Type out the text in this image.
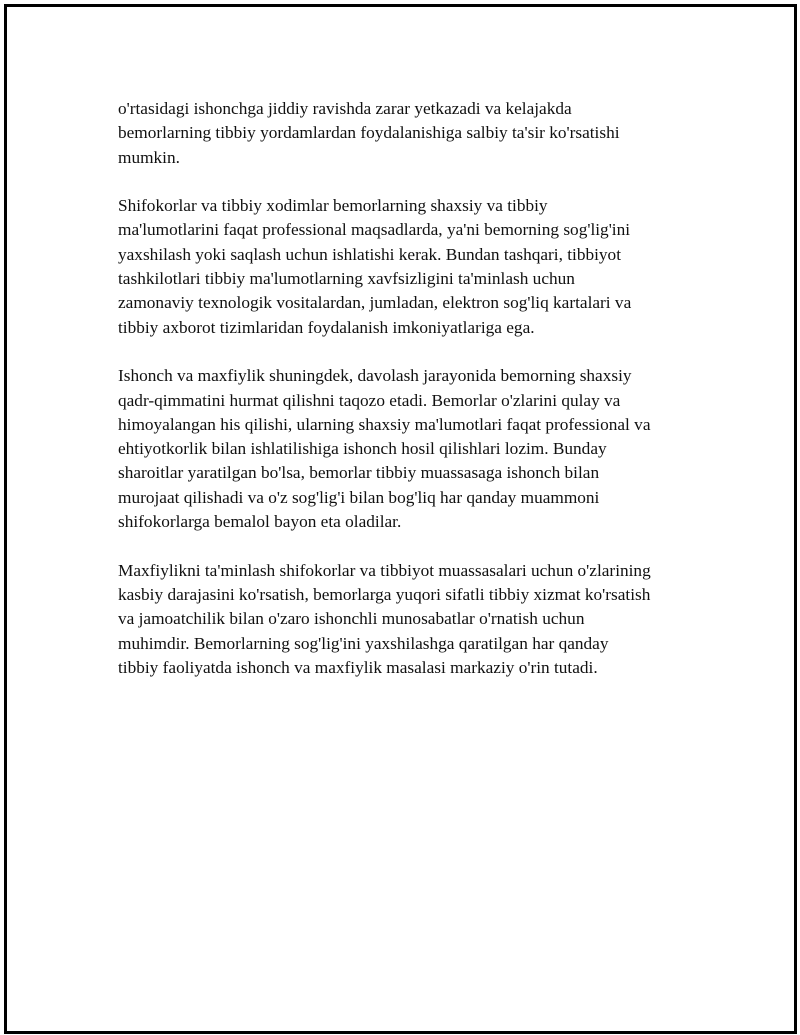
o'rtasidagi ishonchga jiddiy ravishda zarar yetkazadi va kelajakda
bemorlarning tibbiy yordamlardan foydalanishiga salbiy ta'sir ko'rsatishi
mumkin.

Shifokorlar va tibbiy xodimlar bemorlarning shaxsiy va tibbiy
ma'lumotlarini faqat professional maqsadlarda, ya'ni bemorning sog'lig'ini
yaxshilash yoki saqlash uchun ishlatishi kerak. Bundan tashqari, tibbiyot
tashkilotlari tibbiy ma'lumotlarning xavfsizligini ta'minlash uchun
zamonaviy texnologik vositalardan, jumladan, elektron sog'liq kartalari va
tibbiy axborot tizimlaridan foydalanish imkoniyatlariga ega.

Ishonch va maxfiylik shuningdek, davolash jarayonida bemorning shaxsiy
qadr-qimmatini hurmat qilishni taqozo etadi. Bemorlar o'zlarini qulay va
himoyalangan his qilishi, ularning shaxsiy ma'lumotlari faqat professional va
ehtiyotkorlik bilan ishlatilishiga ishonch hosil qilishlari lozim. Bunday
sharoitlar yaratilgan bo'lsa, bemorlar tibbiy muassasaga ishonch bilan
murojaat qilishadi va o'z sog'lig'i bilan bog'liq har qanday muammoni
shifokorlarga bemalol bayon eta oladilar.

Maxfiylikni ta'minlash shifokorlar va tibbiyot muassasalari uchun o'zlarining
kasbiy darajasini ko'rsatish, bemorlarga yuqori sifatli tibbiy xizmat ko'rsatish
va jamoatchilik bilan o'zaro ishonchli munosabatlar o'rnatish uchun
muhimdir. Bemorlarning sog'lig'ini yaxshilashga qaratilgan har qanday
tibbiy faoliyatda ishonch va maxfiylik masalasi markaziy o'rin tutadi.
